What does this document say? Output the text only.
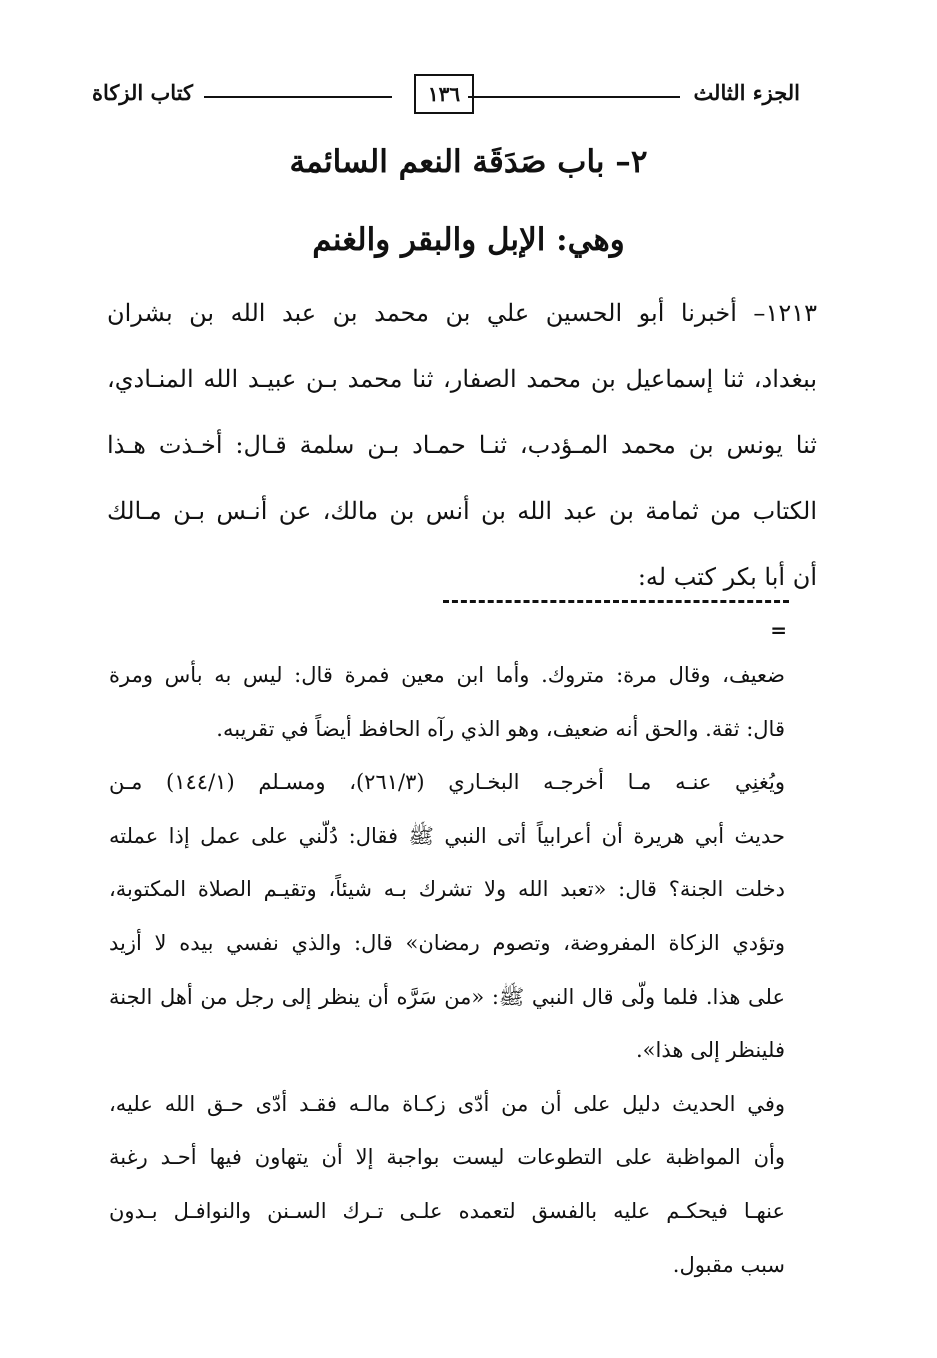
الجزء الثالث
١٣٦
كتاب الزكاة
٢– باب صَدَقَة النعم السائمة
وهي: الإبل والبقر والغنم
١٢١٣– أخبرنا أبو الحسين علي بن محمد بن عبد الله بن بشران
ببغداد، ثنا إسماعيل بن محمد الصفار، ثنا محمد بـن عبيـد الله المنـادي،
ثنا يونس بن محمد المـؤدب، ثنـا حمـاد بـن سلمة قـال: أخـذت هـذا
الكتاب من ثمامة بن عبد الله بن أنس بن مالك، عن أنـس بـن مـالك
أن أبا بكر كتب له:
=
ضعيف، وقال مرة: متروك. وأما ابن معين فمرة قال: ليس به بأس ومرة
قال: ثقة. والحق أنه ضعيف، وهو الذي رآه الحافظ أيضاً في تقريبه.
ويُغنِي عنـه مـا أخرجـه البخـاري (٢٦١/٣)، ومسـلم (١٤٤/١) مـن
حديث أبي هريرة أن أعرابياً أتى النبي ﷺ فقال: دُلّني على عمل إذا عملته
دخلت الجنة؟ قال: «تعبد الله ولا تشرك بـه شيئاً، وتقيـم الصلاة المكتوبة،
وتؤدي الزكاة المفروضة، وتصوم رمضان» قال: والذي نفسي بيده لا أزيد
على هذا. فلما ولّى قال النبي ﷺ: «من سَرَّه أن ينظر إلى رجل من أهل الجنة
فلينظر إلى هذا».
وفي الحديث دليل على أن من أدّى زكـاة مالـه فقـد أدّى حـق الله عليه،
وأن المواظبة على التطوعات ليست بواجبة إلا أن يتهاون فيها أحـد رغبة
عنهـا فيحكـم عليه بالفسق لتعمده علـى تـرك السـنن والنوافـل بـدون
سبب مقبول.
